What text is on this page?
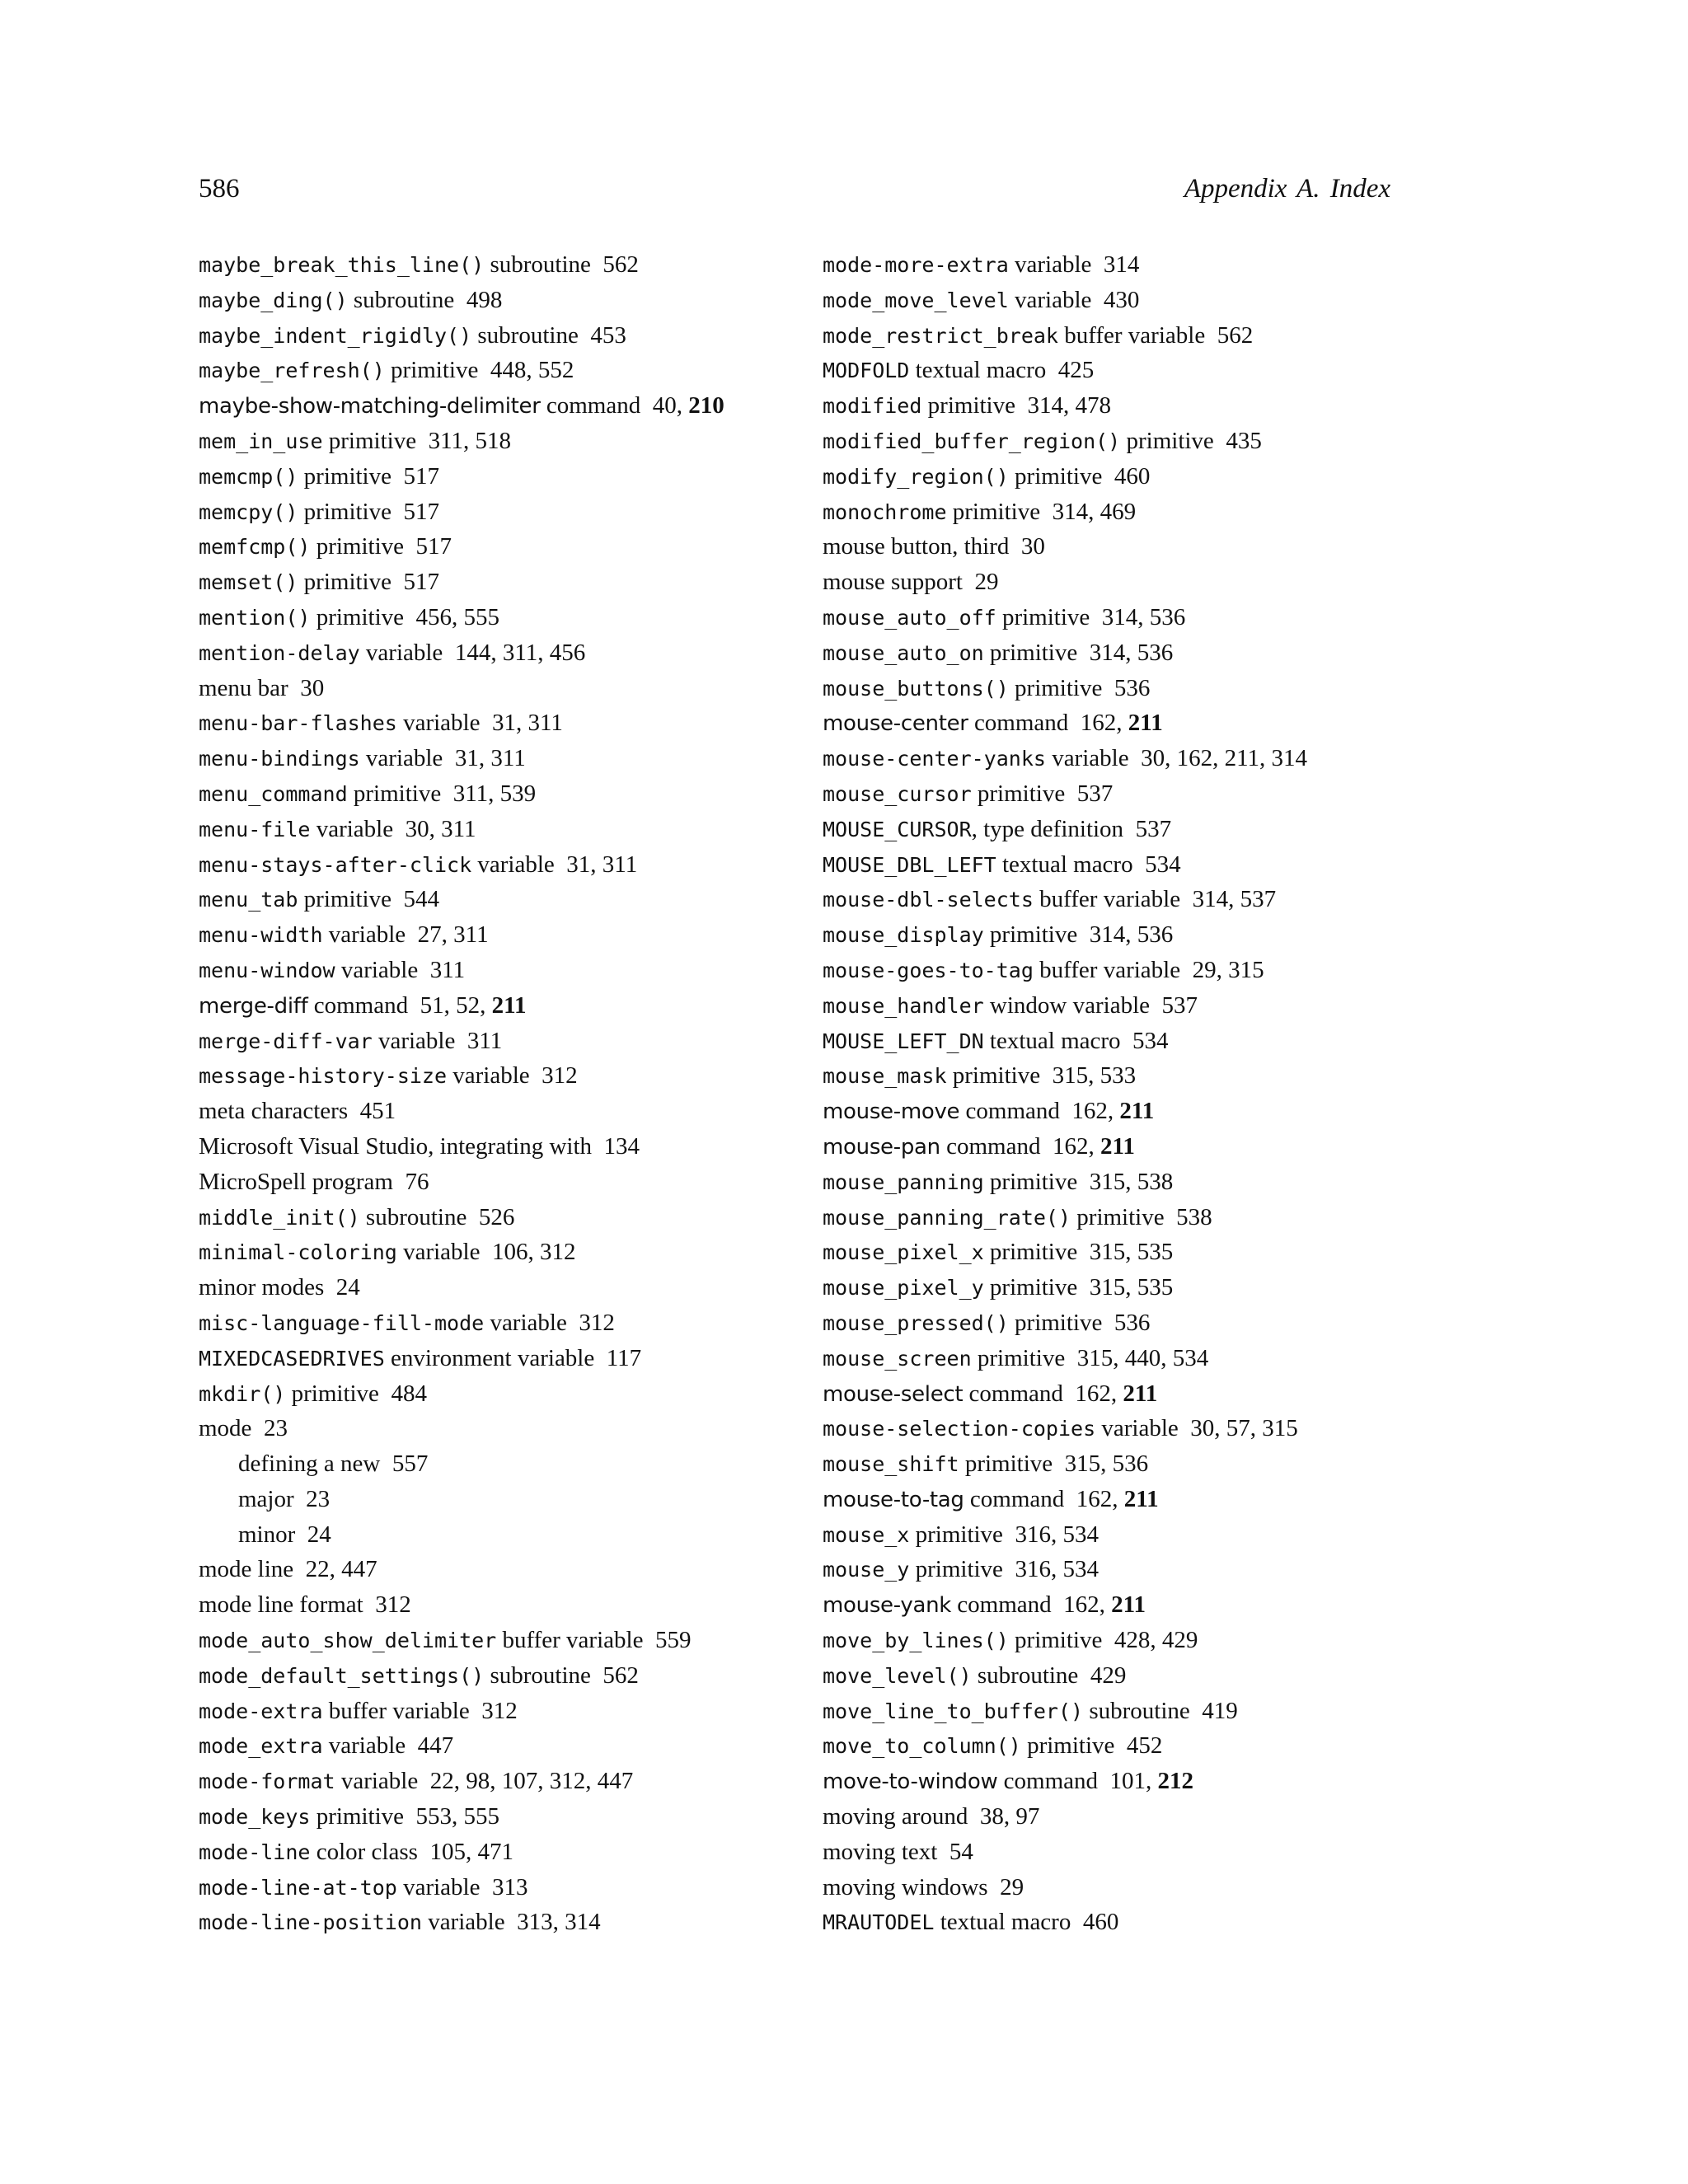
586	Appendix A. Index
maybe_break_this_line() subroutine  562
maybe_ding() subroutine  498
maybe_indent_rigidly() subroutine  453
maybe_refresh() primitive  448, 552
maybe-show-matching-delimiter command  40, 210
mem_in_use primitive  311, 518
memcmp() primitive  517
memcpy() primitive  517
memfcmp() primitive  517
memset() primitive  517
mention() primitive  456, 555
mention-delay variable  144, 311, 456
menu bar  30
menu-bar-flashes variable  31, 311
menu-bindings variable  31, 311
menu_command primitive  311, 539
menu-file variable  30, 311
menu-stays-after-click variable  31, 311
menu_tab primitive  544
menu-width variable  27, 311
menu-window variable  311
merge-diff command  51, 52, 211
merge-diff-var variable  311
message-history-size variable  312
meta characters  451
Microsoft Visual Studio, integrating with  134
MicroSpell program  76
middle_init() subroutine  526
minimal-coloring variable  106, 312
minor modes  24
misc-language-fill-mode variable  312
MIXEDCASEDRIVES environment variable  117
mkdir() primitive  484
mode  23
defining a new  557
major  23
minor  24
mode line  22, 447
mode line format  312
mode_auto_show_delimiter buffer variable  559
mode_default_settings() subroutine  562
mode-extra buffer variable  312
mode_extra variable  447
mode-format variable  22, 98, 107, 312, 447
mode_keys primitive  553, 555
mode-line color class  105, 471
mode-line-at-top variable  313
mode-line-position variable  313, 314
mode-more-extra variable  314
mode_move_level variable  430
mode_restrict_break buffer variable  562
MODFOLD textual macro  425
modified primitive  314, 478
modified_buffer_region() primitive  435
modify_region() primitive  460
monochrome primitive  314, 469
mouse button, third  30
mouse support  29
mouse_auto_off primitive  314, 536
mouse_auto_on primitive  314, 536
mouse_buttons() primitive  536
mouse-center command  162, 211
mouse-center-yanks variable  30, 162, 211, 314
mouse_cursor primitive  537
MOUSE_CURSOR, type definition  537
MOUSE_DBL_LEFT textual macro  534
mouse-dbl-selects buffer variable  314, 537
mouse_display primitive  314, 536
mouse-goes-to-tag buffer variable  29, 315
mouse_handler window variable  537
MOUSE_LEFT_DN textual macro  534
mouse_mask primitive  315, 533
mouse-move command  162, 211
mouse-pan command  162, 211
mouse_panning primitive  315, 538
mouse_panning_rate() primitive  538
mouse_pixel_x primitive  315, 535
mouse_pixel_y primitive  315, 535
mouse_pressed() primitive  536
mouse_screen primitive  315, 440, 534
mouse-select command  162, 211
mouse-selection-copies variable  30, 57, 315
mouse_shift primitive  315, 536
mouse-to-tag command  162, 211
mouse_x primitive  316, 534
mouse_y primitive  316, 534
mouse-yank command  162, 211
move_by_lines() primitive  428, 429
move_level() subroutine  429
move_line_to_buffer() subroutine  419
move_to_column() primitive  452
move-to-window command  101, 212
moving around  38, 97
moving text  54
moving windows  29
MRAUTODEL textual macro  460
